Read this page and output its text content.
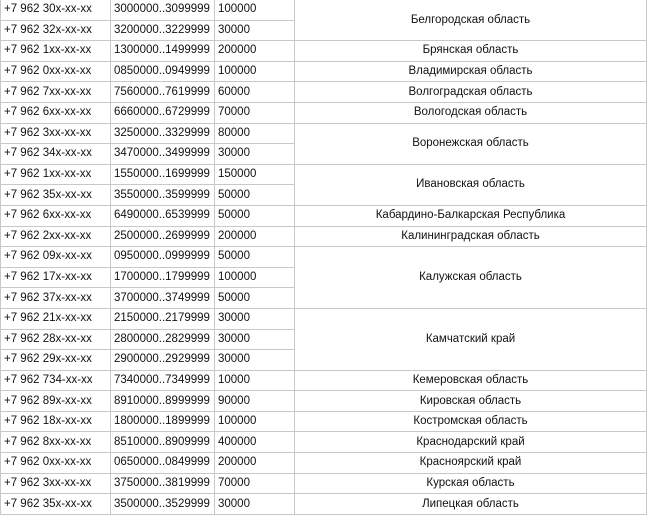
+7 962 30x-xx-xx	3000000..3099999	100000	Белгородская область
+7 962 32x-xx-xx	3200000..3229999	30000	
+7 962 1xx-xx-xx	1300000..1499999	200000	Брянская область
+7 962 0xx-xx-xx	0850000..0949999	100000	Владимирская область
+7 962 7xx-xx-xx	7560000..7619999	60000	Волгоградская область
+7 962 6xx-xx-xx	6660000..6729999	70000	Вологодская область
+7 962 3xx-xx-xx	3250000..3329999	80000	Воронежская область
+7 962 34x-xx-xx	3470000..3499999	30000	
+7 962 1xx-xx-xx	1550000..1699999	150000	Ивановская область
+7 962 35x-xx-xx	3550000..3599999	50000	
+7 962 6xx-xx-xx	6490000..6539999	50000	Кабардино-Балкарская Республика
+7 962 2xx-xx-xx	2500000..2699999	200000	Калининградская область
+7 962 09x-xx-xx	0950000..0999999	50000	Калужская область
+7 962 17x-xx-xx	1700000..1799999	100000	
+7 962 37x-xx-xx	3700000..3749999	50000	
+7 962 21x-xx-xx	2150000..2179999	30000	Камчатский край
+7 962 28x-xx-xx	2800000..2829999	30000	
+7 962 29x-xx-xx	2900000..2929999	30000	
+7 962 734-xx-xx	7340000..7349999	10000	Кемеровская область
+7 962 89x-xx-xx	8910000..8999999	90000	Кировская область
+7 962 18x-xx-xx	1800000..1899999	100000	Костромская область
+7 962 8xx-xx-xx	8510000..8909999	400000	Краснодарский край
+7 962 0xx-xx-xx	0650000..0849999	200000	Красноярский край
+7 962 3xx-xx-xx	3750000..3819999	70000	Курская область
+7 962 35x-xx-xx	3500000..3529999	30000	Липецкая область
